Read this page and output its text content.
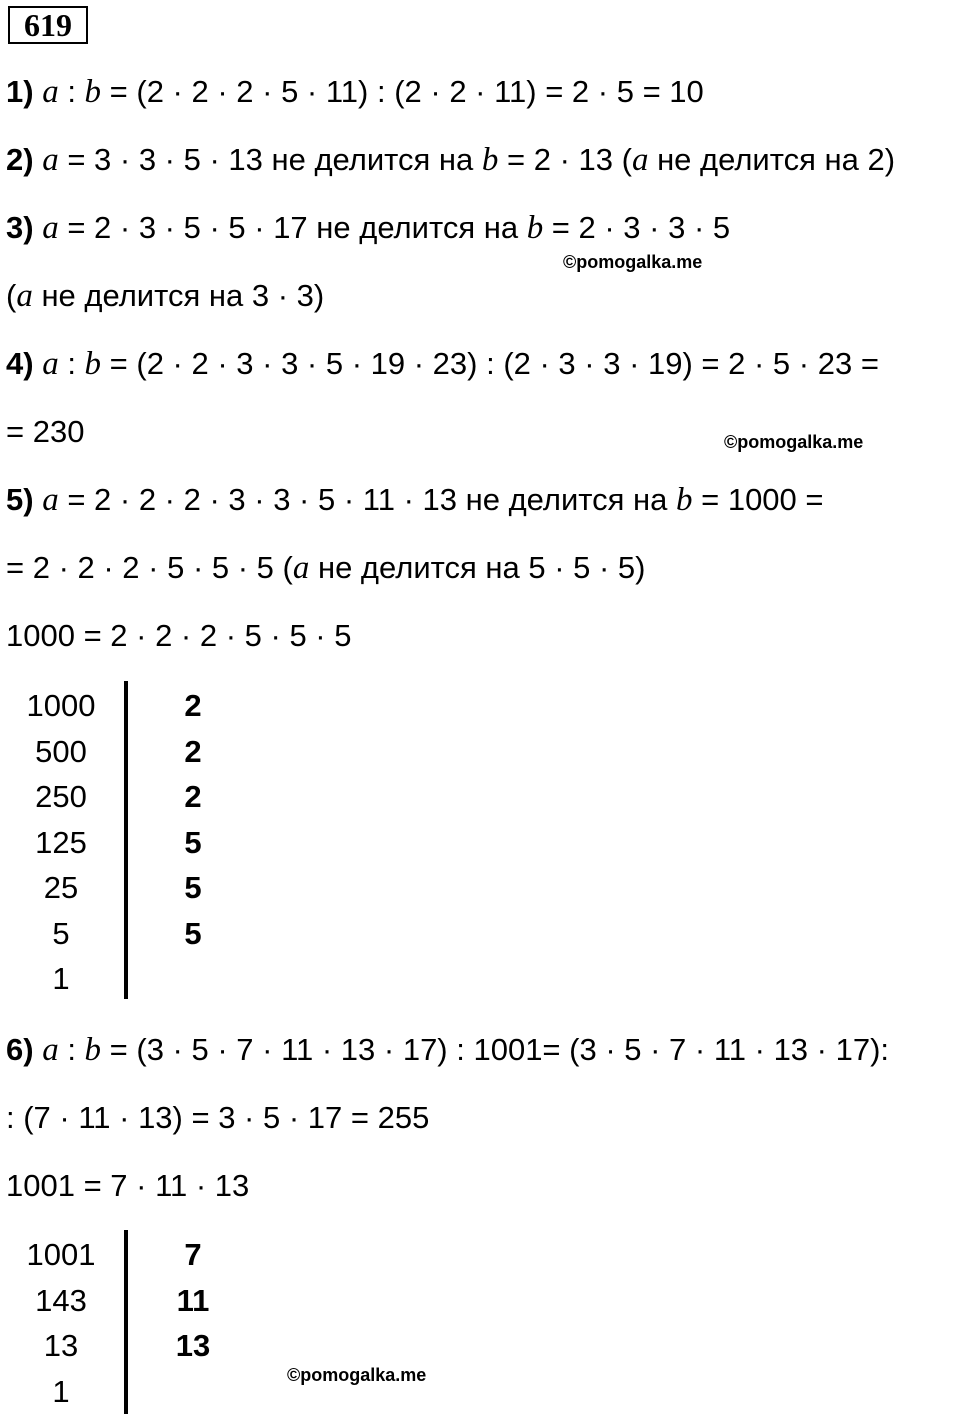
619
1) a : b = (2 · 2 · 2 · 5 · 11) : (2 · 2 · 11) = 2 · 5 = 10
2) a = 3 · 3 · 5 · 13 не делится на b = 2 · 13 (a не делится на 2)
3) a = 2 · 3 · 5 · 5 · 17 не делится на b = 2 · 3 · 3 · 5
(a не делится на 3 · 3)
4) a : b = (2 · 2 · 3 · 3 · 5 · 19 · 23) : (2 · 3 · 3 · 19) = 2 · 5 · 23 =
= 230
5) a = 2 · 2 · 2 · 3 · 3 · 5 · 11 · 13 не делится на b = 1000 =
= 2 · 2 · 2 · 5 · 5 · 5 (a не делится на 5 · 5 · 5)
1000 = 2 · 2 · 2 · 5 · 5 · 5
6) a : b = (3 · 5 · 7 · 11 · 13 · 17) : 1001= (3 · 5 · 7 · 11 · 13 · 17):
: (7 · 11 · 13) = 3 · 5 · 17 = 255
1001 = 7 · 11 · 13
1000
500
250
125
25
5
1
2
2
2
5
5
5
1001
143
13
1
7
11
13
©pomogalka.me
©pomogalka.me
©pomogalka.me
